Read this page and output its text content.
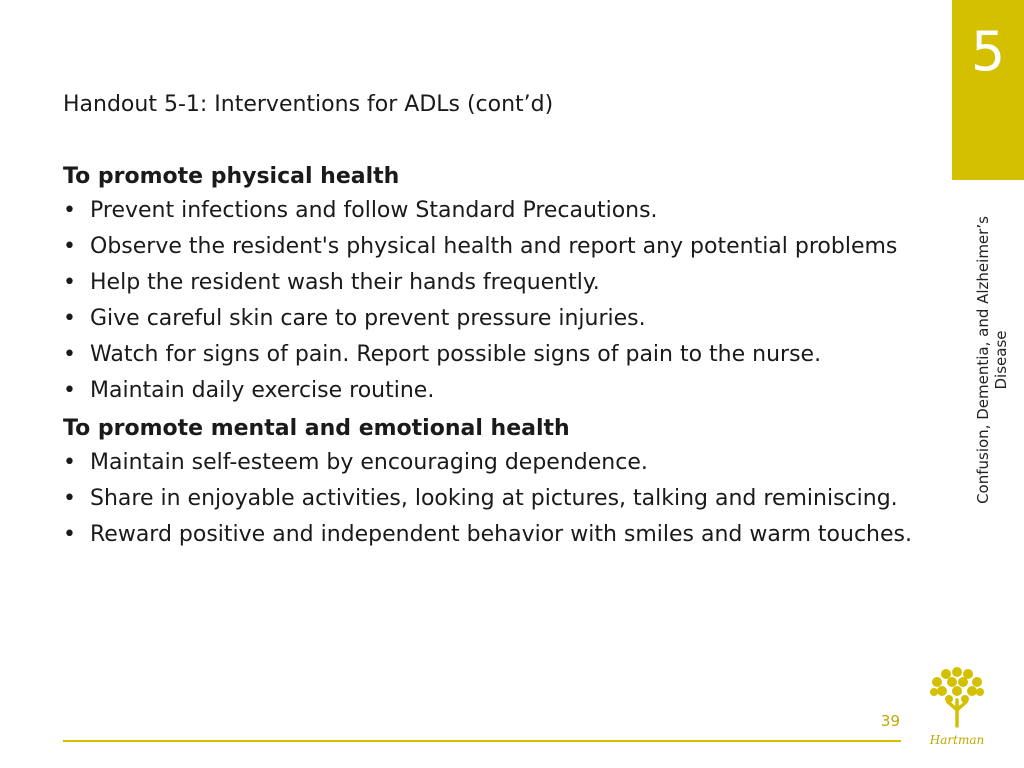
5
Confusion, Dementia, and Alzheimer’s Disease
Handout 5-1: Interventions for ADLs (cont’d)
To promote physical health
• Prevent infections and follow Standard Precautions.
• Observe the resident's physical health and report any potential problems
• Help the resident wash their hands frequently.
• Give careful skin care to prevent pressure injuries.
• Watch for signs of pain. Report possible signs of pain to the nurse.
• Maintain daily exercise routine.
To promote mental and emotional health
• Maintain self-esteem by encouraging dependence.
• Share in enjoyable activities, looking at pictures, talking and reminiscing.
• Reward positive and independent behavior with smiles and warm touches.
39
Hartman
